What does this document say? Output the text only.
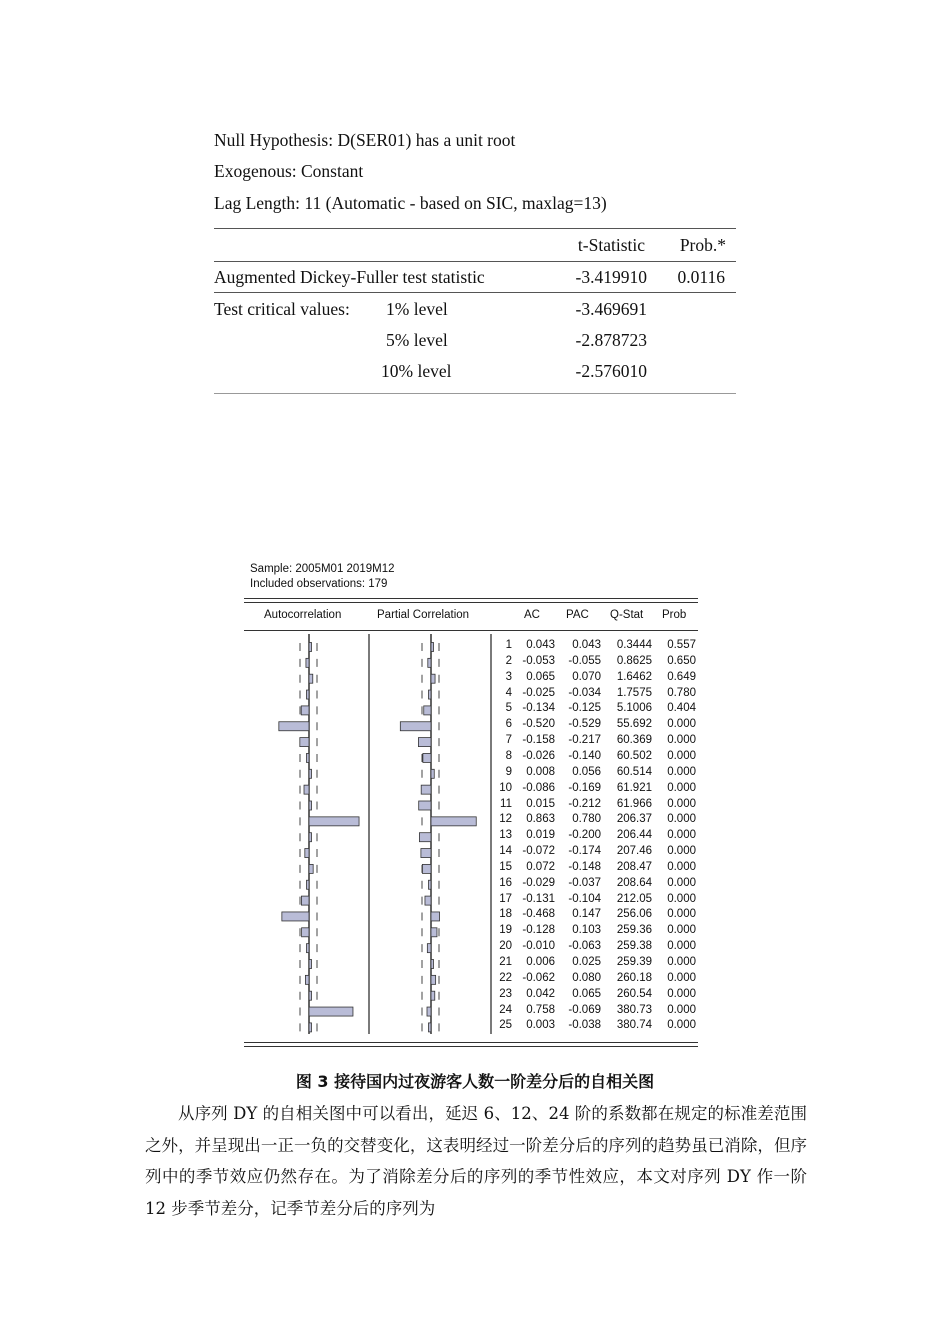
Null Hypothesis: D(SER01) has a unit root
Exogenous: Constant
Lag Length: 11 (Automatic - based on SIC, maxlag=13)
t-Statistic	Prob.*
Augmented Dickey-Fuller test statistic	-3.419910	0.0116
Test critical values: 1% level	-3.469691
5% level	-2.878723
10% level	-2.576010
Sample: 2005M01 2019M12
Included observations: 179
Autocorrelation	Partial Correlation	AC PAC Q-Stat Prob
1	0.043	0.043	0.3444	0.557
2 -0.053	-0.055	0.8625	0.650
3	0.065	0.070	1.6462	0.649
4 -0.025	-0.034	1.7575	0.780
5 -0.134	-0.125	5.1006	0.404
6 -0.520	-0.529	55.692	0.000
7 -0.158	-0.217	60.369	0.000
8 -0.026	-0.140	60.502	0.000
9	0.008	0.056	60.514	0.000
10 -0.086	-0.169	61.921	0.000
11	0.015	-0.212	61.966	0.000
12	0.863	0.780	206.37	0.000
13	0.019	-0.200	206.44	0.000
14 -0.072	-0.174	207.46	0.000
15	0.072	-0.148	208.47	0.000
16 -0.029	-0.037	208.64	0.000
17 -0.131	-0.104	212.05	0.000
18 -0.468	0.147	256.06	0.000
19 -0.128	0.103	259.36	0.000
20 -0.010	-0.063	259.38	0.000
21	0.006	0.025	259.39	0.000
22 -0.062	0.080	260.18	0.000
23	0.042	0.065	260.54	0.000
24	0.758	-0.069	380.73	0.000
25	0.003	-0.038	380.74	0.000
图 3 接待国内过夜游客人数一阶差分后的自相关图
从序列 DY 的自相关图中可以看出，延迟 6、12、24 阶的系数都在规定的标准差范围之外，并呈现出一正一负的交替变化，这表明经过一阶差分后的序列的趋势虽已消除，但序列中的季节效应仍然存在。为了消除差分后的序列的季节性效应，本文对序列 DY 作一阶 12 步季节差分，记季节差分后的序列为
